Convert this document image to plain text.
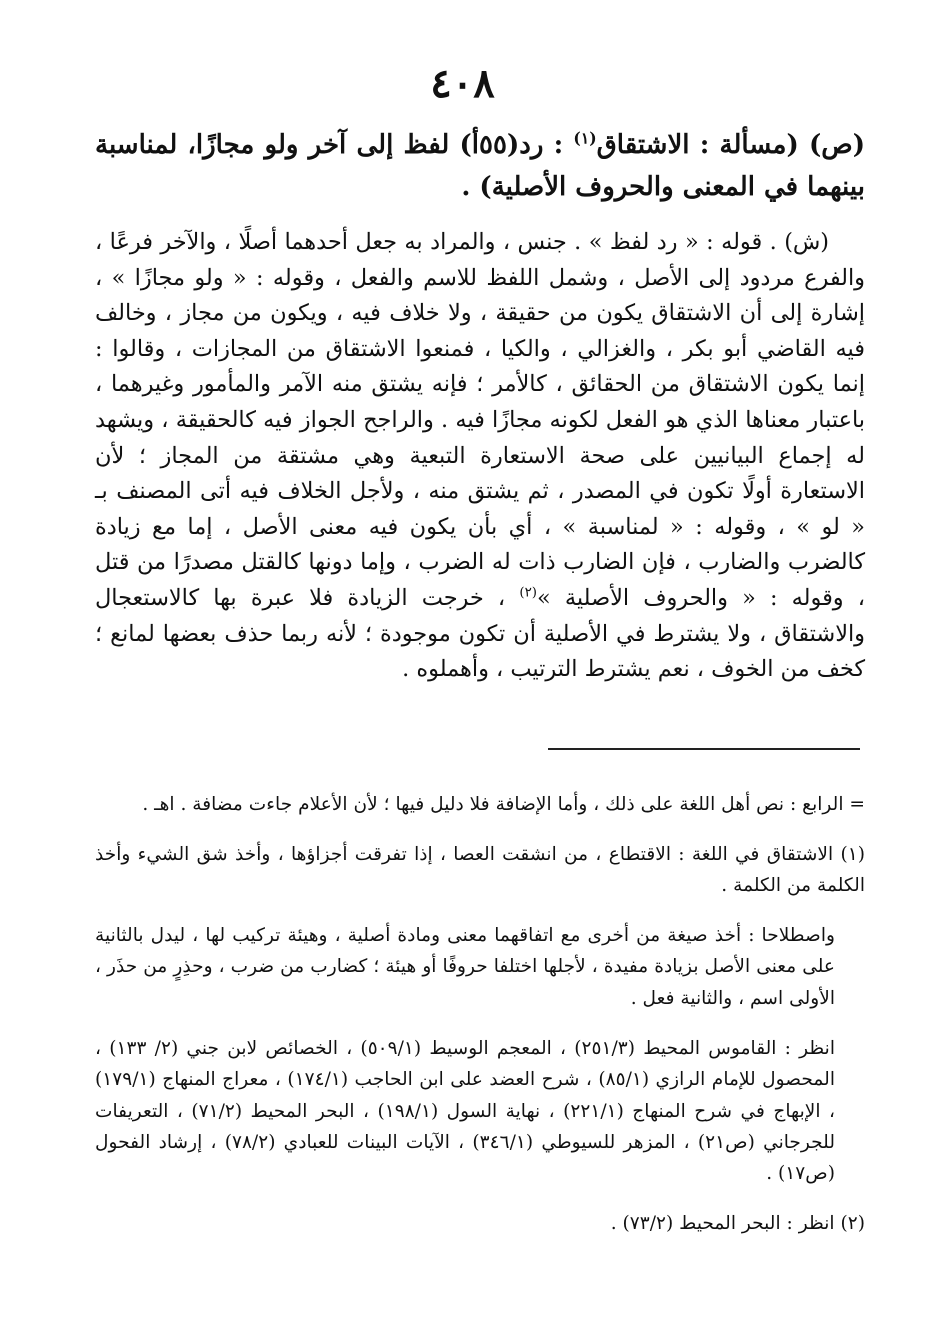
٤٠٨

(ص) (مسألة : الاشتقاق$^{(١)}$ : رد(٥٥أ) لفظ إلى آخر ولو مجازًا، لمناسبة بينهما في المعنى والحروف الأصلية) .

(ش) . قوله : « رد لفظ » . جنس ، والمراد به جعل أحدهما أصلًا ، والآخر فرعًا ، والفرع مردود إلى الأصل ، وشمل اللفظ للاسم والفعل ، وقوله : « ولو مجازًا » ، إشارة إلى أن الاشتقاق يكون من حقيقة ، ولا خلاف فيه ، ويكون من مجاز ، وخالف فيه القاضي أبو بكر ، والغزالي ، والكيا ، فمنعوا الاشتقاق من المجازات ، وقالوا : إنما يكون الاشتقاق من الحقائق ، كالأمر ؛ فإنه يشتق منه الآمر والمأمور وغيرهما ، باعتبار معناها الذي هو الفعل لكونه مجازًا فيه . والراجح الجواز فيه كالحقيقة ، ويشهد له إجماع البيانيين على صحة الاستعارة التبعية وهي مشتقة من المجاز ؛ لأن الاستعارة أولًا تكون في المصدر ، ثم يشتق منه ، ولأجل الخلاف فيه أتى المصنف بـ « لو » ، وقوله : « لمناسبة » ، أي بأن يكون فيه معنى الأصل ، إما مع زيادة كالضرب والضارب ، فإن الضارب ذات له الضرب ، وإما دونها كالقتل مصدرًا من قتل ، وقوله : « والحروف الأصلية »$^{(٢)}$ ، خرجت الزيادة فلا عبرة بها كالاستعجال والاشتقاق ، ولا يشترط في الأصلية أن تكون موجودة ؛ لأنه ربما حذف بعضها لمانع ؛ كخف من الخوف ، نعم يشترط الترتيب ، وأهملوه .

= الرابع : نص أهل اللغة على ذلك ، وأما الإضافة فلا دليل فيها ؛ لأن الأعلام جاءت مضافة . اهـ .

(١) الاشتقاق في اللغة : الاقتطاع ، من انشقت العصا ، إذا تفرقت أجزاؤها ، وأخذ شق الشيء وأخذ الكلمة من الكلمة .

واصطلاحا : أخذ صيغة من أخرى مع اتفاقهما معنى ومادة أصلية ، وهيئة تركيب لها ، ليدل بالثانية على معنى الأصل بزيادة مفيدة ، لأجلها اختلفا حروفًا أو هيئة ؛ كضارب من ضرب ، وحذِرٍ من حذَر ، الأولى اسم ، والثانية فعل .

انظر : القاموس المحيط (٢٥١/٣) ، المعجم الوسيط (٥٠٩/١) ، الخصائص لابن جني (٢/ ١٣٣) ، المحصول للإمام الرازي (٨٥/١) ، شرح العضد على ابن الحاجب (١٧٤/١) ، معراج المنهاج (١٧٩/١) ، الإبهاج في شرح المنهاج (٢٢١/١) ، نهاية السول (١٩٨/١) ، البحر المحيط (٧١/٢) ، التعريفات للجرجاني (ص٢١) ، المزهر للسيوطي (٣٤٦/١) ، الآيات البينات للعبادي (٧٨/٢) ، إرشاد الفحول (ص١٧) .

(٢) انظر : البحر المحيط (٧٣/٢) .
